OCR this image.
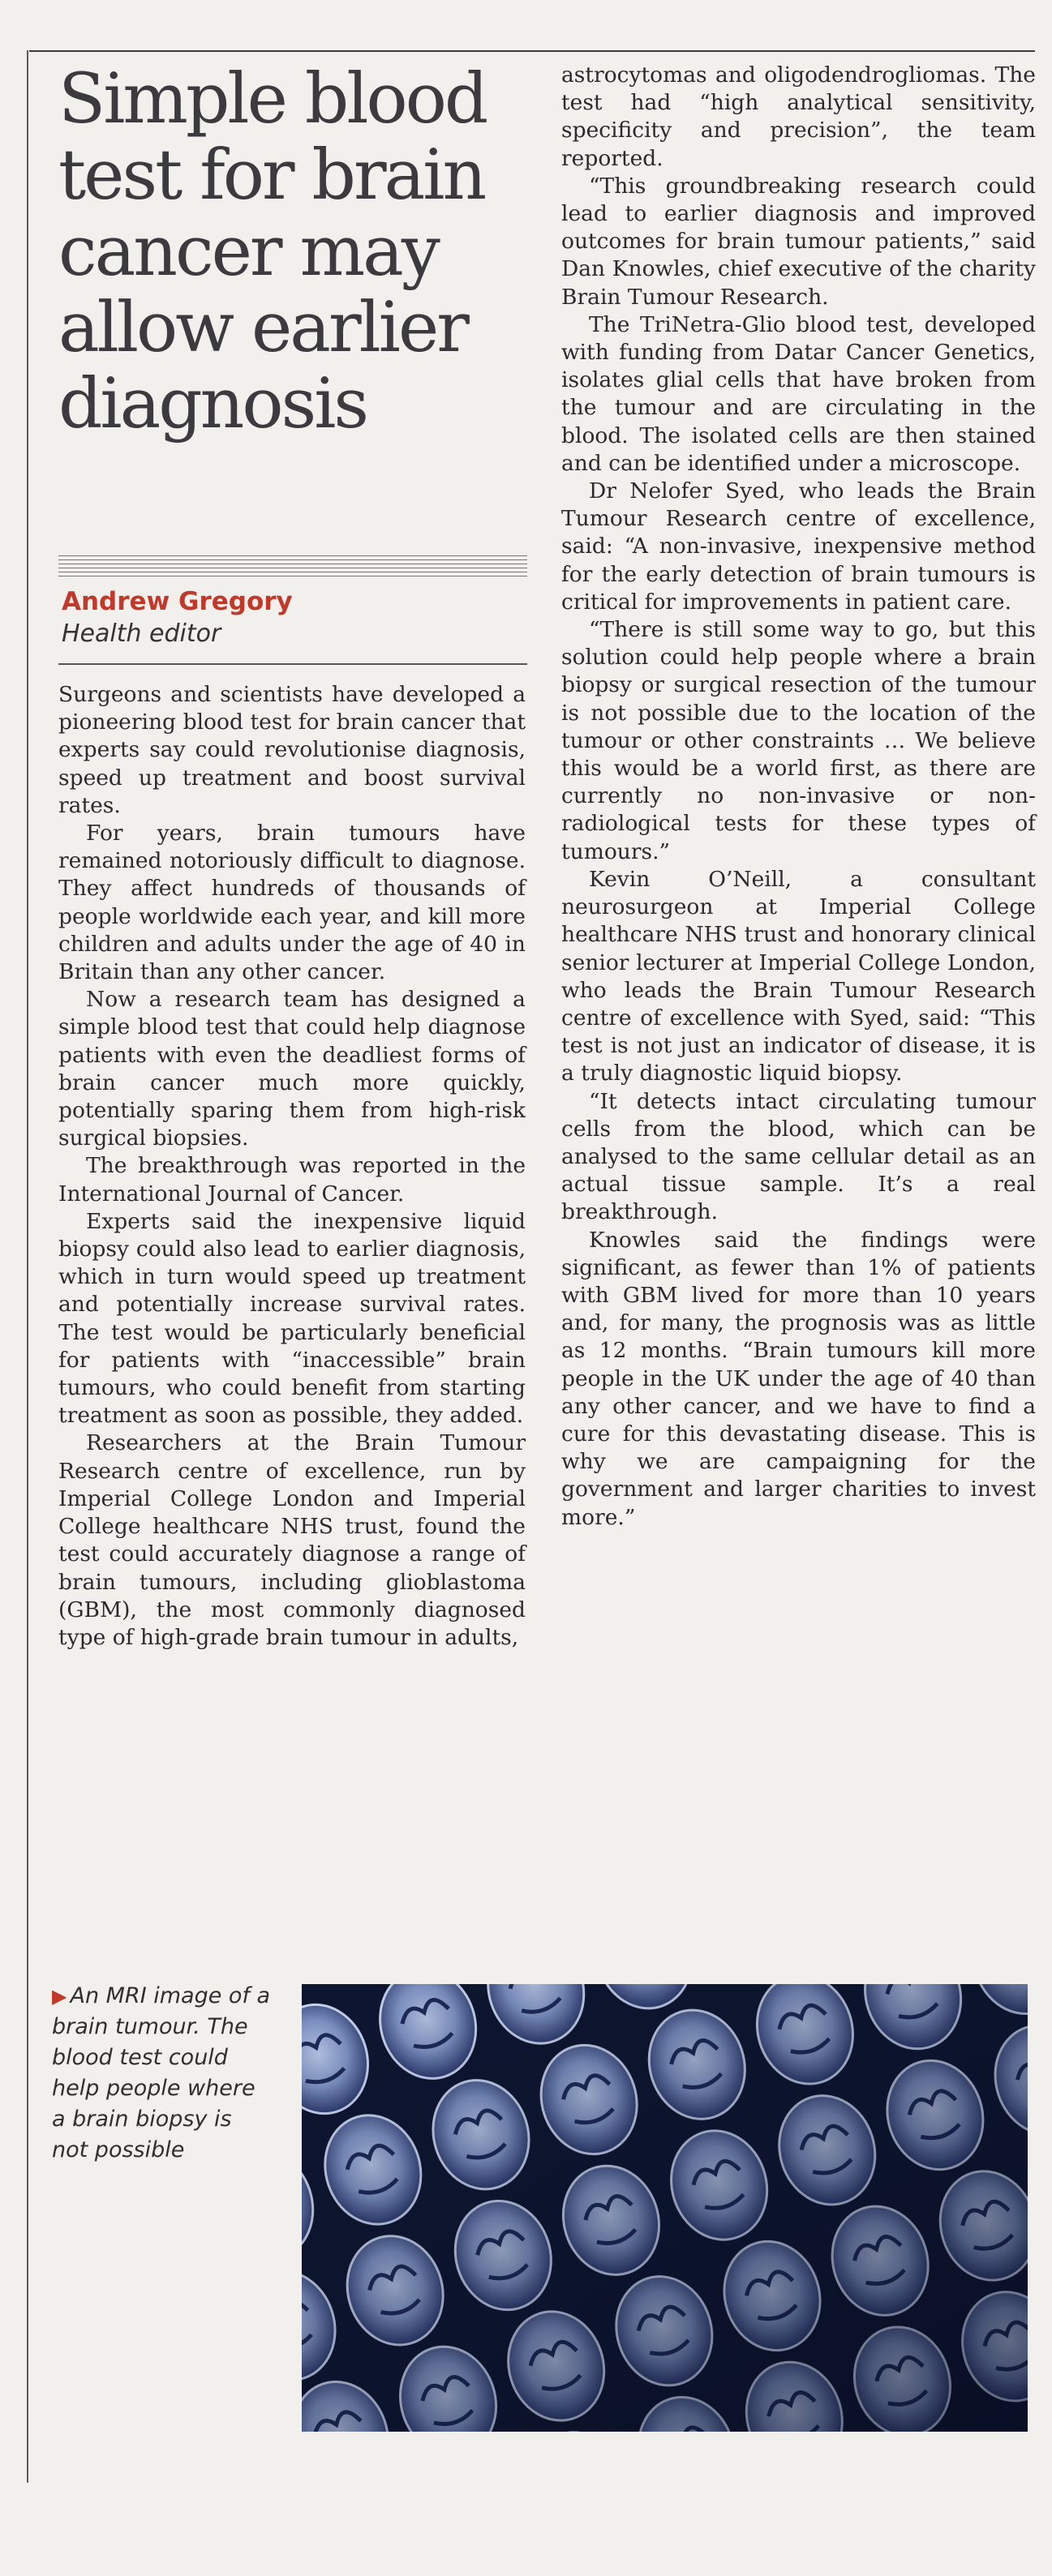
Simple blood test for brain cancer may allow earlier diagnosis
Andrew Gregory
Health editor

Surgeons and scientists have developed a pioneering blood test for brain cancer that experts say could revolutionise diagnosis, speed up treatment and boost survival rates.

For years, brain tumours have remained notoriously difficult to diagnose. They affect hundreds of thousands of people worldwide each year, and kill more children and adults under the age of 40 in Britain than any other cancer.

Now a research team has designed a simple blood test that could help diagnose patients with even the deadliest forms of brain cancer much more quickly, potentially sparing them from high-risk surgical biopsies.

The breakthrough was reported in the International Journal of Cancer.

Experts said the inexpensive liquid biopsy could also lead to earlier diagnosis, which in turn would speed up treatment and potentially increase survival rates. The test would be particularly beneficial for patients with “inaccessible” brain tumours, who could benefit from starting treatment as soon as possible, they added.

Researchers at the Brain Tumour Research centre of excellence, run by Imperial College London and Imperial College healthcare NHS trust, found the test could accurately diagnose a range of brain tumours, including glioblastoma (GBM), the most commonly diagnosed type of high-grade brain tumour in adults,

astrocytomas and oligodendrogliomas. The test had “high analytical sensitivity, specificity and precision”, the team reported.

“This groundbreaking research could lead to earlier diagnosis and improved outcomes for brain tumour patients,” said Dan Knowles, chief executive of the charity Brain Tumour Research.

The TriNetra-Glio blood test, developed with funding from Datar Cancer Genetics, isolates glial cells that have broken from the tumour and are circulating in the blood. The isolated cells are then stained and can be identified under a microscope.

Dr Nelofer Syed, who leads the Brain Tumour Research centre of excellence, said: “A non-invasive, inexpensive method for the early detection of brain tumours is critical for improvements in patient care.

“There is still some way to go, but this solution could help people where a brain biopsy or surgical resection of the tumour is not possible due to the location of the tumour or other constraints … We believe this would be a world first, as there are currently no non-invasive or non-radiological tests for these types of tumours.”

Kevin O’Neill, a consultant neurosurgeon at Imperial College healthcare NHS trust and honorary clinical senior lecturer at Imperial College London, who leads the Brain Tumour Research centre of excellence with Syed, said: “This test is not just an indicator of disease, it is a truly diagnostic liquid biopsy.

“It detects intact circulating tumour cells from the blood, which can be analysed to the same cellular detail as an actual tissue sample. It’s a real breakthrough.

Knowles said the findings were significant, as fewer than 1% of patients with GBM lived for more than 10 years and, for many, the prognosis was as little as 12 months. “Brain tumours kill more people in the UK under the age of 40 than any other cancer, and we have to find a cure for this devastating disease. This is why we are campaigning for the government and larger charities to invest more.”

▶ An MRI image of a brain tumour. The blood test could help people where a brain biopsy is not possible
